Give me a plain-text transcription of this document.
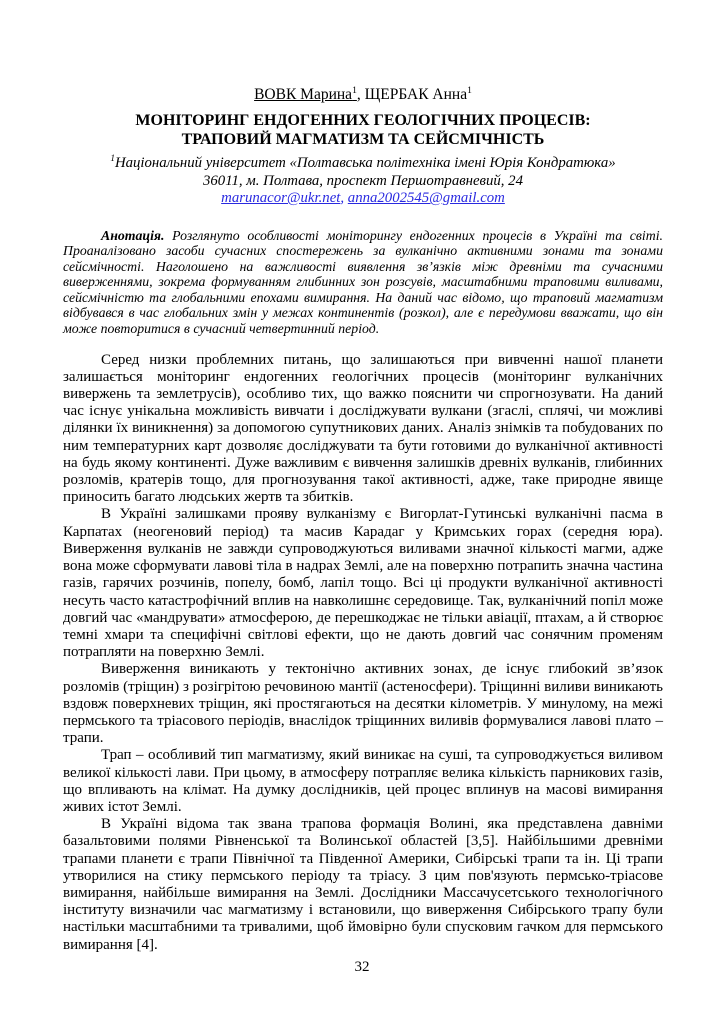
ВОВК Марина$^1$, ЩЕРБАК Анна$^1$
МОНІТОРИНГ ЕНДОГЕННИХ ГЕОЛОГІЧНИХ ПРОЦЕСІВ:
ТРАПОВИЙ МАГМАТИЗМ ТА СЕЙСМІЧНІСТЬ
$^1$Національний університет «Полтавська політехніка імені Юрія Кондратюка»
36011, м. Полтава, проспект Першотравневий, 24
marunacor@ukr.net, anna2002545@gmail.com

Анотація. Розглянуто особливості моніторингу ендогенних процесів в Україні та світі. Проаналізовано засоби сучасних спостережень за вулканічно активними зонами та зонами сейсмічності. Наголошено на важливості виявлення зв’язків між древніми та сучасними виверженнями, зокрема формуванням глибинних зон розсувів, масштабними траповими виливами, сейсмічністю та глобальними епохами вимирання. На даний час відомо, що траповий магматизм відбувався в час глобальних змін у межах континентів (розкол), але є передумови вважати, що він може повторитися в сучасний четвертинний період.

Серед низки проблемних питань, що залишаються при вивченні нашої планети залишається моніторинг ендогенних геологічних процесів (моніторинг вулканічних вивержень та землетрусів), особливо тих, що важко пояснити чи спрогнозувати. На даний час існує унікальна можливість вивчати і досліджувати вулкани (згаслі, сплячі, чи можливі ділянки їх виникнення) за допомогою супутникових даних. Аналіз знімків та побудованих по ним температурних карт дозволяє досліджувати та бути готовими до вулканічної активності на будь якому континенті. Дуже важливим є вивчення залишків древніх вулканів, глибинних розломів, кратерів тощо, для прогнозування такої активності, адже, таке природне явище приносить багато людських жертв та збитків.

В Україні залишками прояву вулканізму є Вигорлат-Гутинські вулканічні пасма в Карпатах (неогеновий період) та масив Карадаг у Кримських горах (середня юра). Виверження вулканів не завжди супроводжуються виливами значної кількості магми, адже вона може сформувати лавові тіла в надрах Землі, але на поверхню потрапить значна частина газів, гарячих розчинів, попелу, бомб, лапіл тощо. Всі ці продукти вулканічної активності несуть часто катастрофічний вплив на навколишнє середовище. Так, вулканічний попіл може довгий час «мандрувати» атмосферою, де перешкоджає не тільки авіації, птахам, а й створює темні хмари та специфічні світлові ефекти, що не дають довгий час сонячним променям потрапляти на поверхню Землі.

Виверження виникають у тектонічно активних зонах, де існує глибокий зв’язок розломів (тріщин) з розігрітою речовиною мантії (астеносфери). Тріщинні виливи виникають вздовж поверхневих тріщин, які простягаються на десятки кілометрів. У минулому, на межі пермського та тріасового періодів, внаслідок тріщинних виливів формувалися лавові плато – трапи.

Трап – особливий тип магматизму, який виникає на суші, та супроводжується виливом великої кількості лави. При цьому, в атмосферу потрапляє велика кількість парникових газів, що впливають на клімат. На думку дослідників, цей процес вплинув на масові вимирання живих істот Землі.

В Україні відома так звана трапова формація Волині, яка представлена давніми базальтовими полями Рівненської та Волинської областей [3,5]. Найбільшими древніми трапами планети є трапи Північної та Південної Америки, Сибірські трапи та ін. Ці трапи утворилися на стику пермського періоду та тріасу. З цим пов'язують пермсько-тріасове вимирання, найбільше вимирання на Землі. Дослідники Массачусетського технологічного інституту визначили час магматизму і встановили, що виверження Сибірського трапу були настільки масштабними та тривалими, щоб ймовірно були спусковим гачком для пермського вимирання [4].

32
